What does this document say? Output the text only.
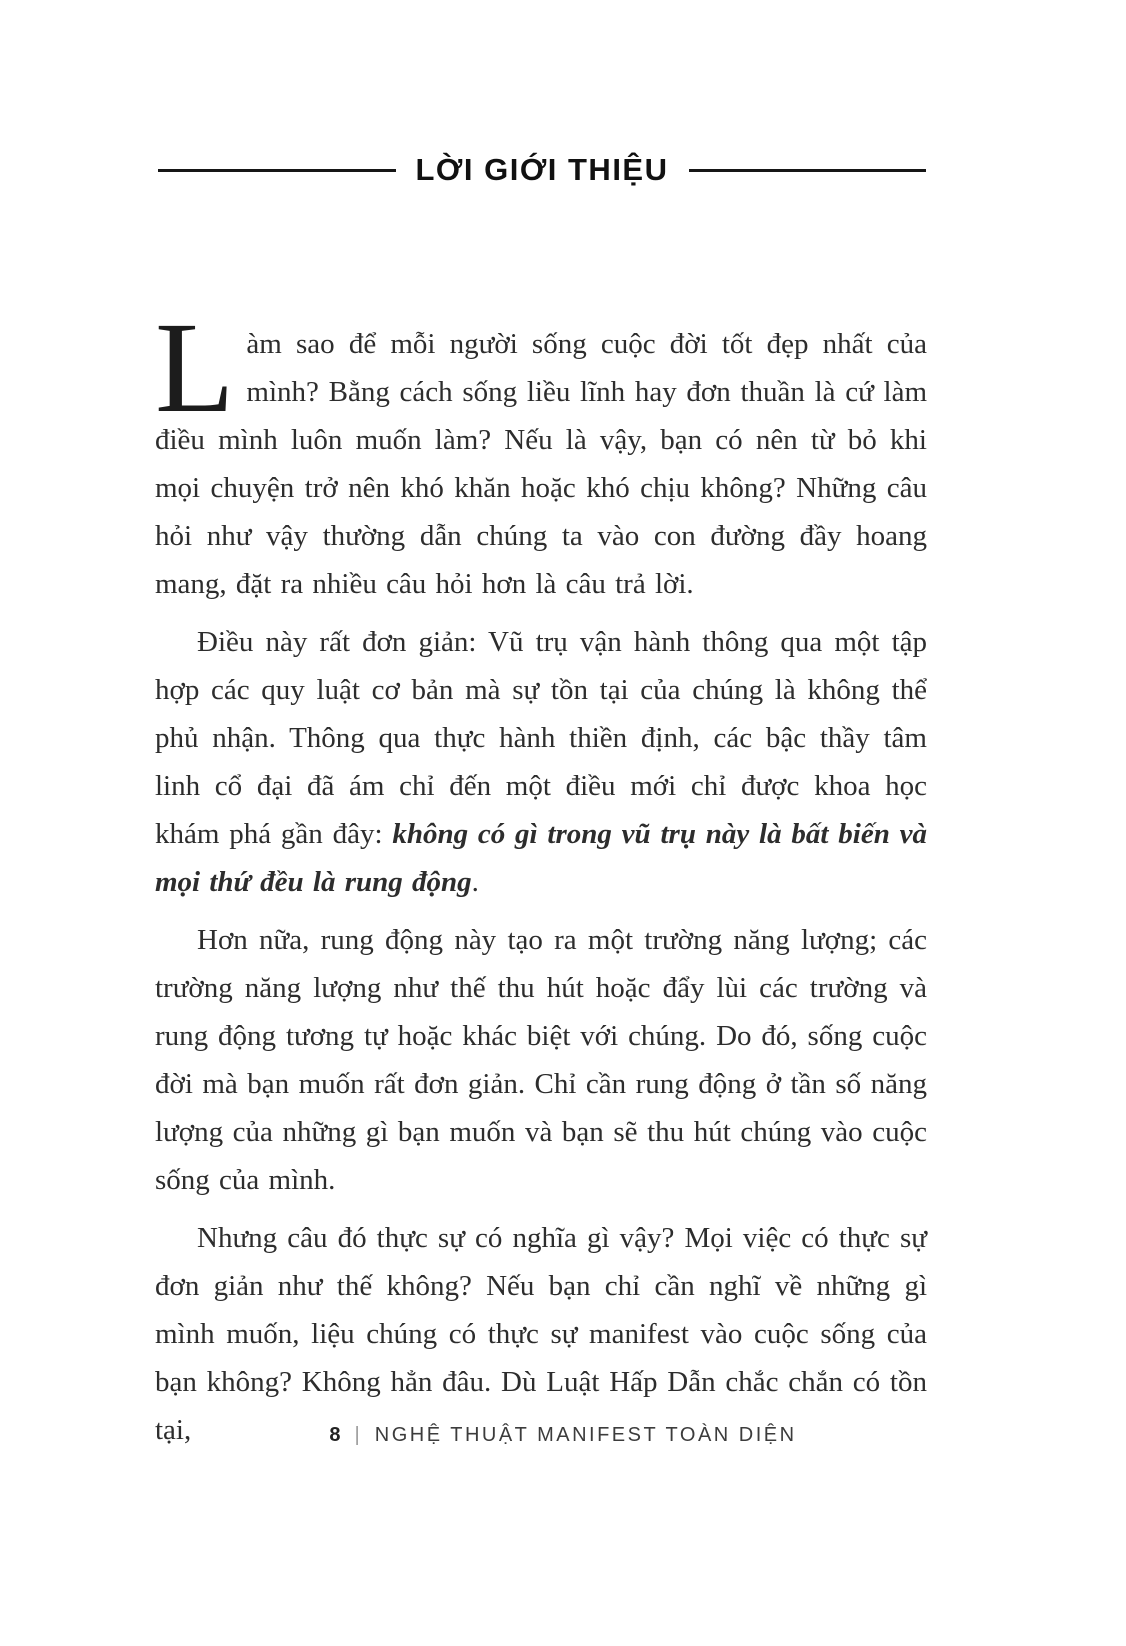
LỜI GIỚI THIỆU

Làm sao để mỗi người sống cuộc đời tốt đẹp nhất của mình? Bằng cách sống liều lĩnh hay đơn thuần là cứ làm điều mình luôn muốn làm? Nếu là vậy, bạn có nên từ bỏ khi mọi chuyện trở nên khó khăn hoặc khó chịu không? Những câu hỏi như vậy thường dẫn chúng ta vào con đường đầy hoang mang, đặt ra nhiều câu hỏi hơn là câu trả lời.

Điều này rất đơn giản: Vũ trụ vận hành thông qua một tập hợp các quy luật cơ bản mà sự tồn tại của chúng là không thể phủ nhận. Thông qua thực hành thiền định, các bậc thầy tâm linh cổ đại đã ám chỉ đến một điều mới chỉ được khoa học khám phá gần đây: không có gì trong vũ trụ này là bất biến và mọi thứ đều là rung động.

Hơn nữa, rung động này tạo ra một trường năng lượng; các trường năng lượng như thế thu hút hoặc đẩy lùi các trường và rung động tương tự hoặc khác biệt với chúng. Do đó, sống cuộc đời mà bạn muốn rất đơn giản. Chỉ cần rung động ở tần số năng lượng của những gì bạn muốn và bạn sẽ thu hút chúng vào cuộc sống của mình.

Nhưng câu đó thực sự có nghĩa gì vậy? Mọi việc có thực sự đơn giản như thế không? Nếu bạn chỉ cần nghĩ về những gì mình muốn, liệu chúng có thực sự manifest vào cuộc sống của bạn không? Không hẳn đâu. Dù Luật Hấp Dẫn chắc chắn có tồn tại,	8 | NGHỆ THUẬT MANIFEST TOÀN DIỆN
